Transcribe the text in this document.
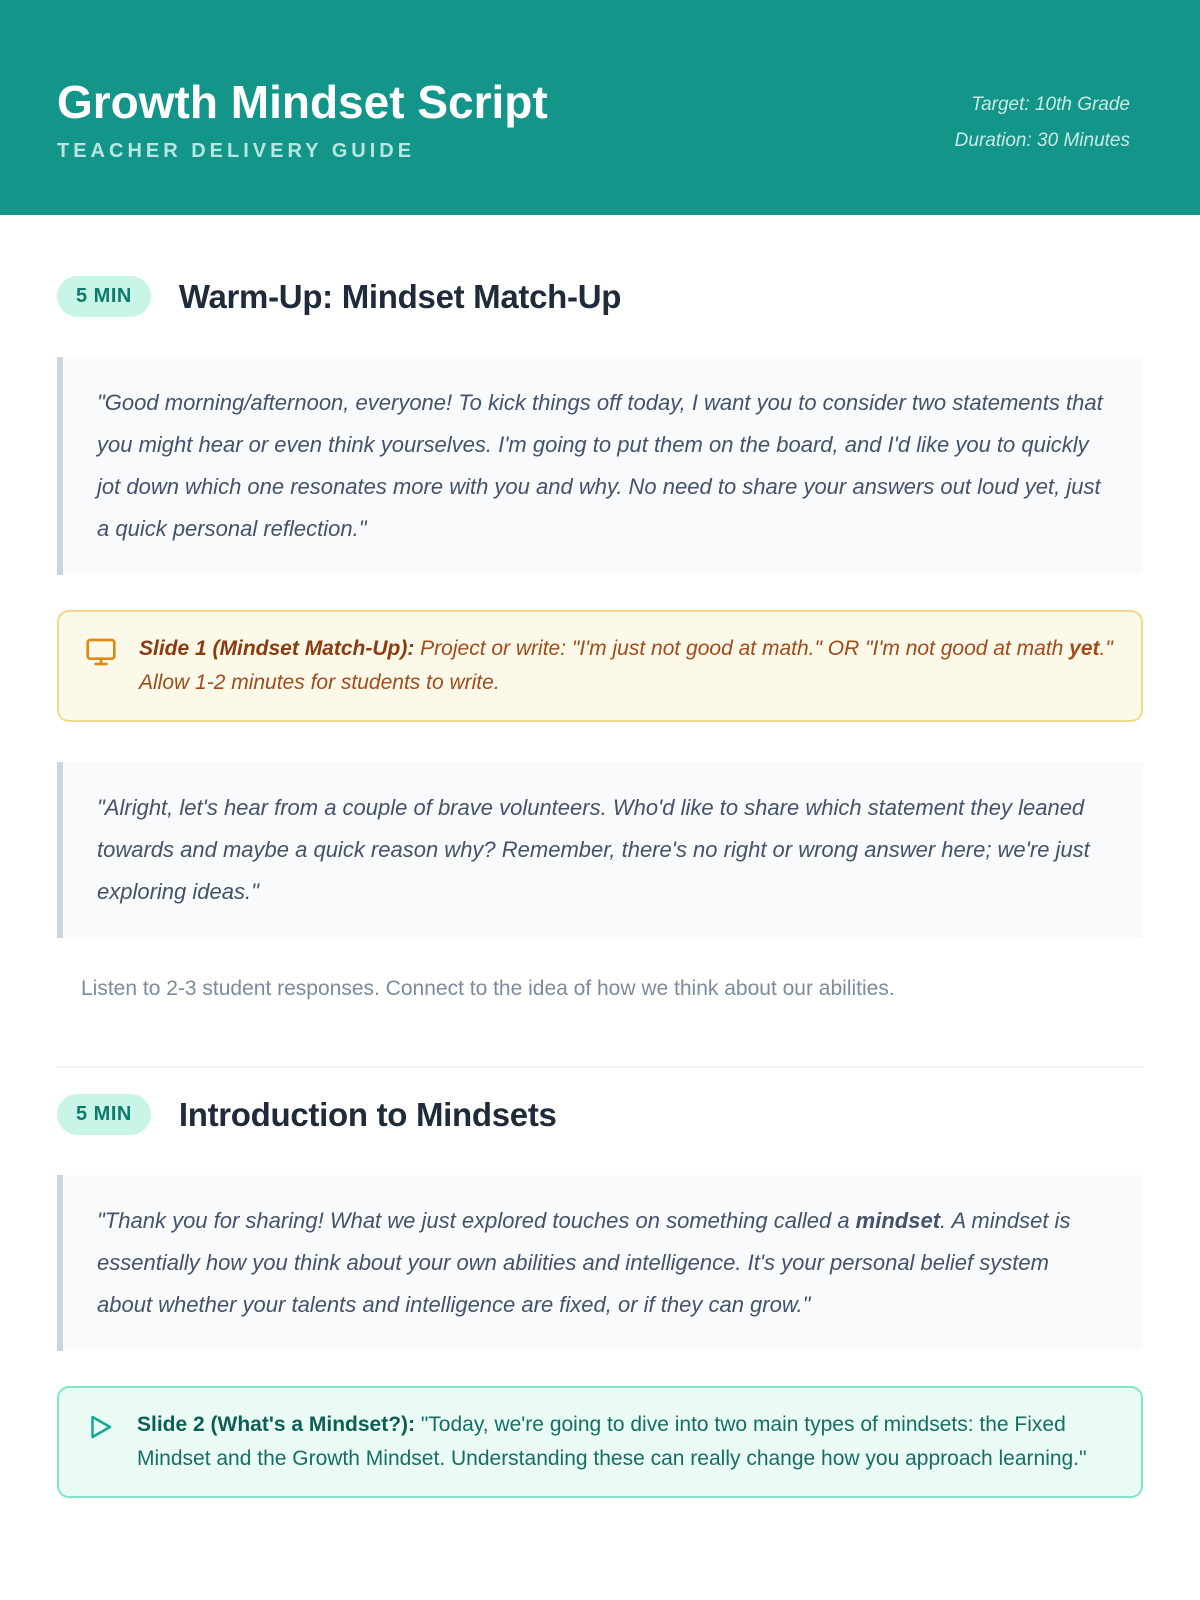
Growth Mindset Script
TEACHER DELIVERY GUIDE
Target: 10th Grade
Duration: 30 Minutes
5 MIN	Warm-Up: Mindset Match-Up
"Good morning/afternoon, everyone! To kick things off today, I want you to consider two statements that you might hear or even think yourselves. I'm going to put them on the board, and I'd like you to quickly jot down which one resonates more with you and why. No need to share your answers out loud yet, just a quick personal reflection."
Slide 1 (Mindset Match-Up): Project or write: "I'm just not good at math." OR "I'm not good at math yet." Allow 1-2 minutes for students to write.
"Alright, let's hear from a couple of brave volunteers. Who'd like to share which statement they leaned towards and maybe a quick reason why? Remember, there's no right or wrong answer here; we're just exploring ideas."
Listen to 2-3 student responses. Connect to the idea of how we think about our abilities.
5 MIN	Introduction to Mindsets
"Thank you for sharing! What we just explored touches on something called a mindset. A mindset is essentially how you think about your own abilities and intelligence. It's your personal belief system about whether your talents and intelligence are fixed, or if they can grow."
Slide 2 (What's a Mindset?): "Today, we're going to dive into two main types of mindsets: the Fixed Mindset and the Growth Mindset. Understanding these can really change how you approach learning."
